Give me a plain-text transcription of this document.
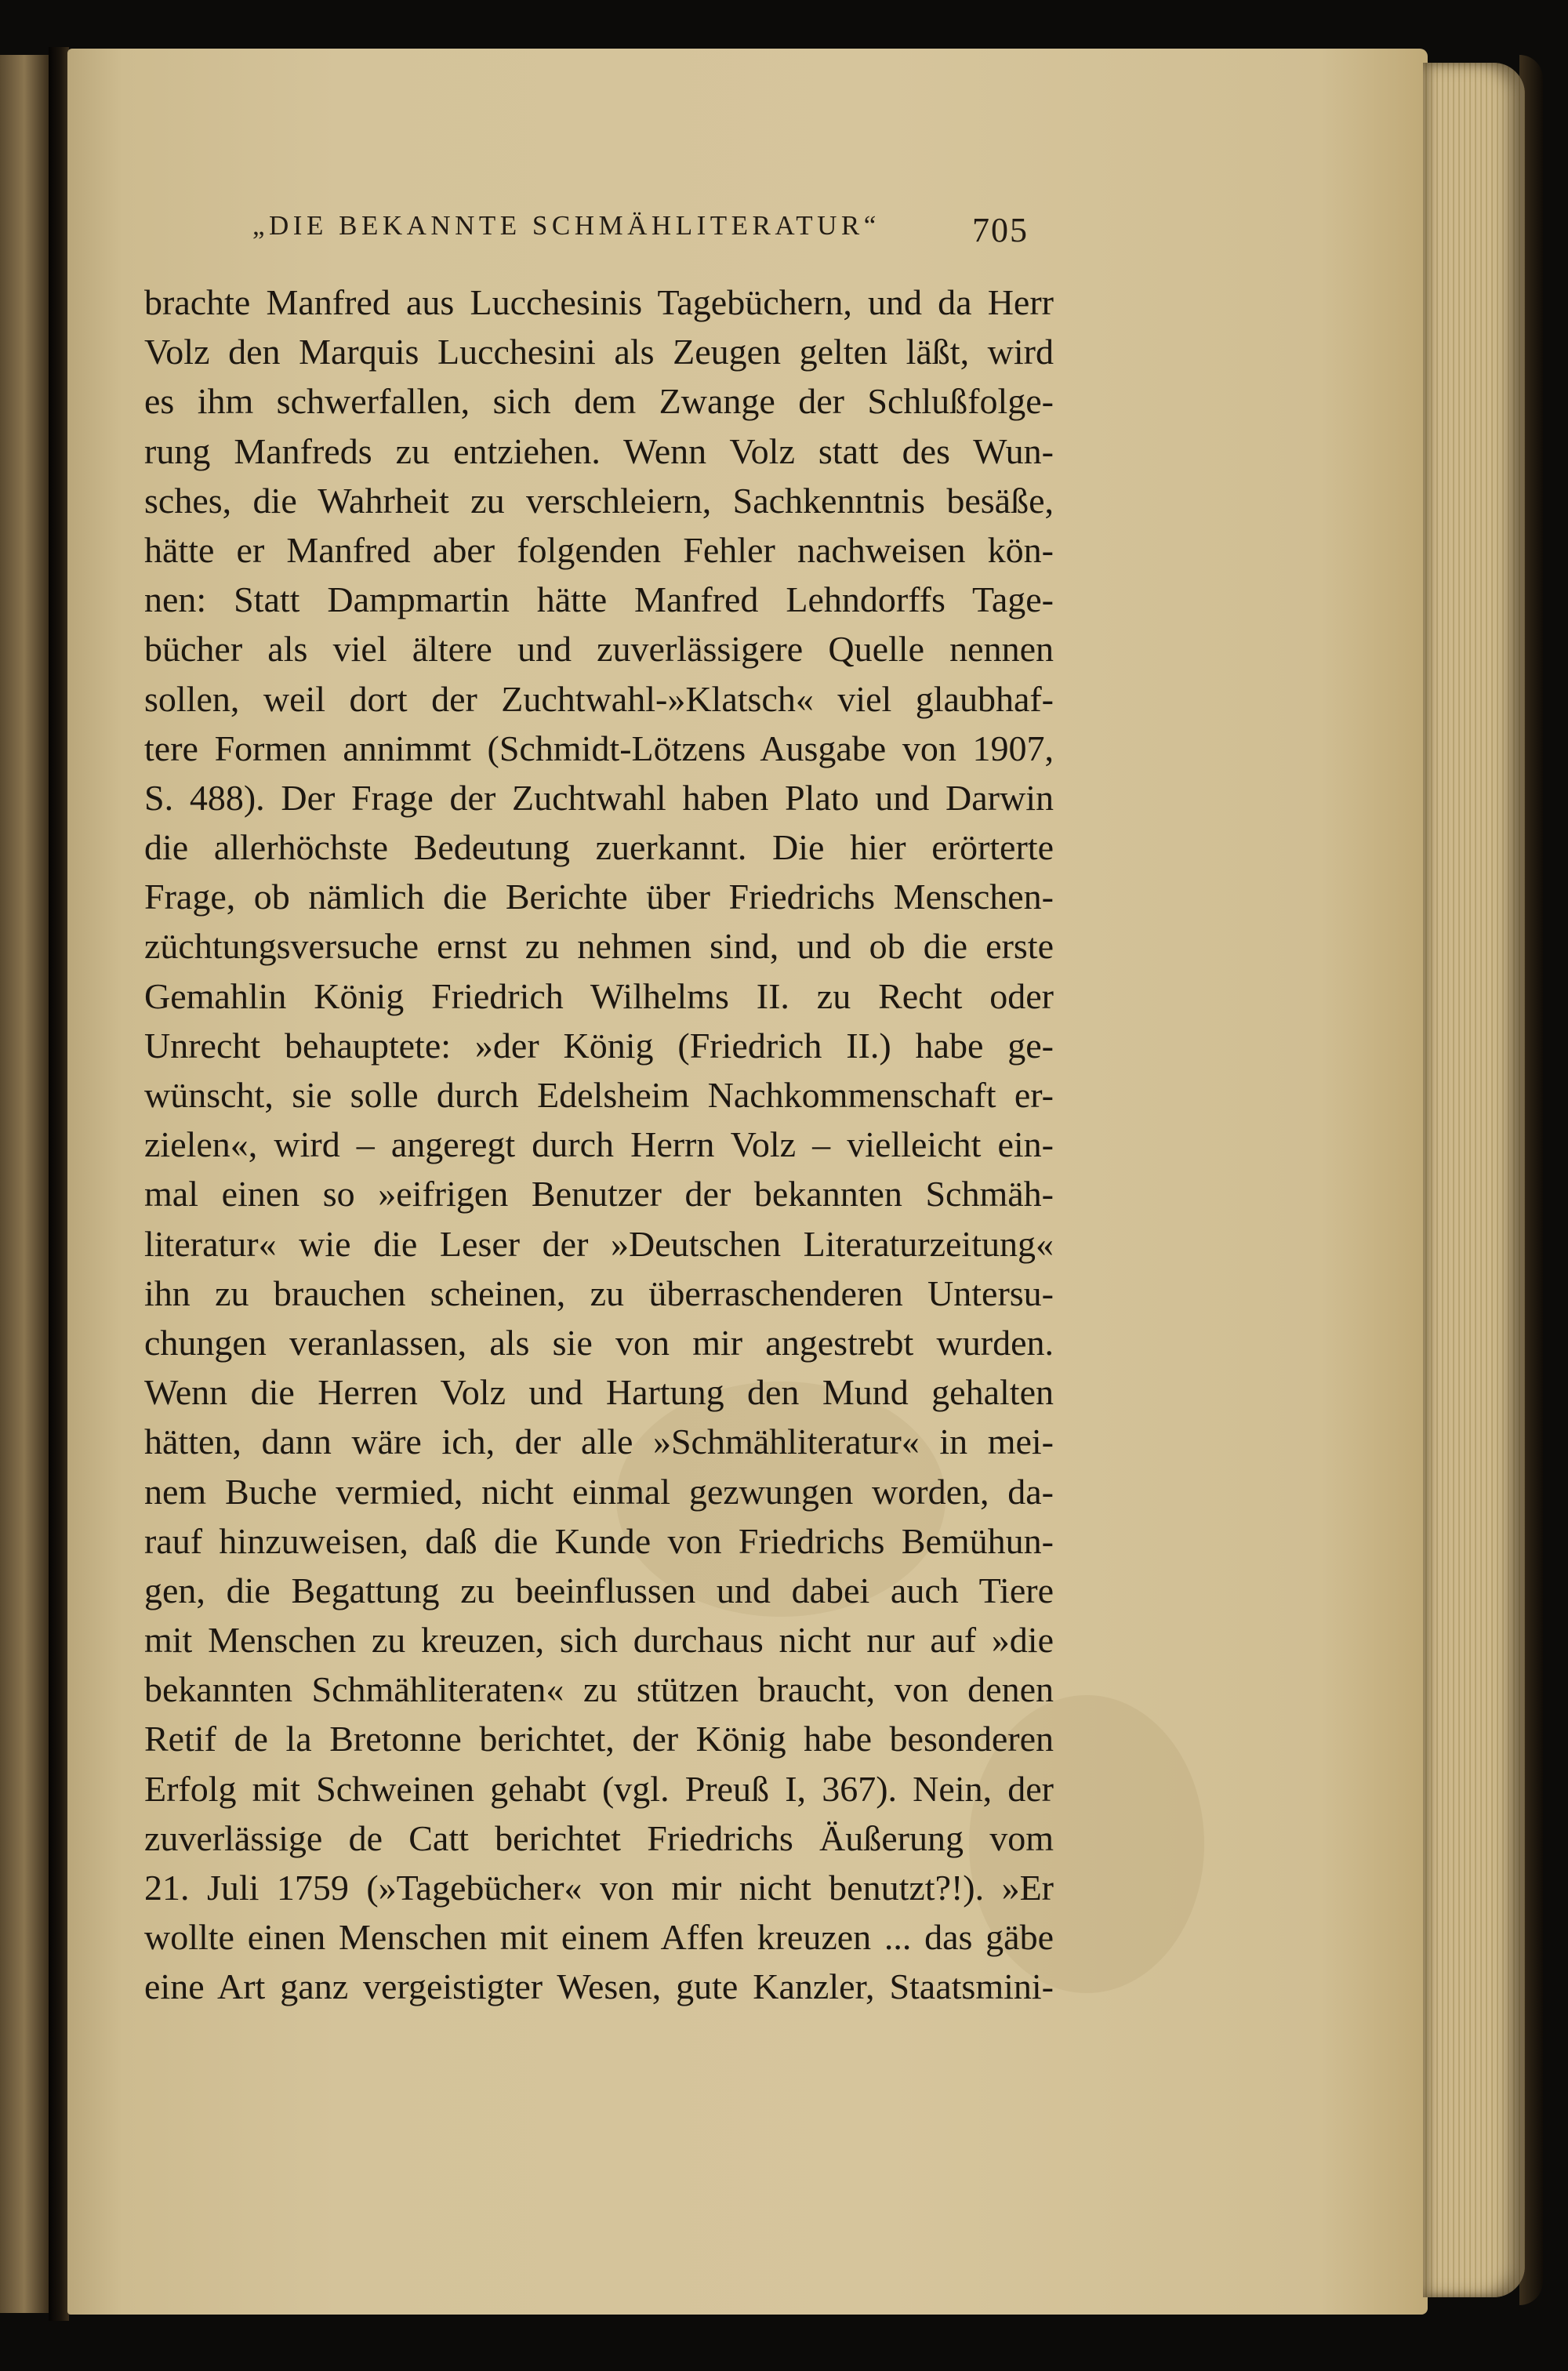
„DIE BEKANNTE SCHMÄHLITERATUR“	705
brachte Manfred aus Lucchesinis Tagebüchern, und da Herr
Volz den Marquis Lucchesini als Zeugen gelten läßt, wird
es ihm schwerfallen, sich dem Zwange der Schlußfolge-
rung Manfreds zu entziehen. Wenn Volz statt des Wun-
sches, die Wahrheit zu verschleiern, Sachkenntnis besäße,
hätte er Manfred aber folgenden Fehler nachweisen kön-
nen: Statt Dampmartin hätte Manfred Lehndorffs Tage-
bücher als viel ältere und zuverlässigere Quelle nennen
sollen, weil dort der Zuchtwahl-»Klatsch« viel glaubhaf-
tere Formen annimmt (Schmidt-Lötzens Ausgabe von 1907,
S. 488). Der Frage der Zuchtwahl haben Plato und Darwin
die allerhöchste Bedeutung zuerkannt. Die hier erörterte
Frage, ob nämlich die Berichte über Friedrichs Menschen-
züchtungsversuche ernst zu nehmen sind, und ob die erste
Gemahlin König Friedrich Wilhelms II. zu Recht oder
Unrecht behauptete: »der König (Friedrich II.) habe ge-
wünscht, sie solle durch Edelsheim Nachkommenschaft er-
zielen«, wird – angeregt durch Herrn Volz – vielleicht ein-
mal einen so »eifrigen Benutzer der bekannten Schmäh-
literatur« wie die Leser der »Deutschen Literaturzeitung«
ihn zu brauchen scheinen, zu überraschenderen Untersu-
chungen veranlassen, als sie von mir angestrebt wurden.
Wenn die Herren Volz und Hartung den Mund gehalten
hätten, dann wäre ich, der alle »Schmähliteratur« in mei-
nem Buche vermied, nicht einmal gezwungen worden, da-
rauf hinzuweisen, daß die Kunde von Friedrichs Bemühun-
gen, die Begattung zu beeinflussen und dabei auch Tiere
mit Menschen zu kreuzen, sich durchaus nicht nur auf »die
bekannten Schmähliteraten« zu stützen braucht, von denen
Retif de la Bretonne berichtet, der König habe besonderen
Erfolg mit Schweinen gehabt (vgl. Preuß I, 367). Nein, der
zuverlässige de Catt berichtet Friedrichs Äußerung vom
21. Juli 1759 (»Tagebücher« von mir nicht benutzt?!). »Er
wollte einen Menschen mit einem Affen kreuzen ... das gäbe
eine Art ganz vergeistigter Wesen, gute Kanzler, Staatsmini-
